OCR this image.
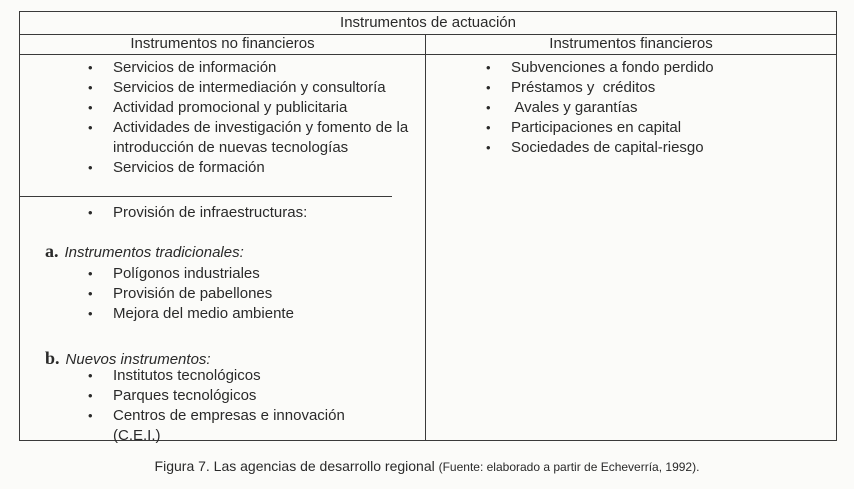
Instrumentos de actuación
Instrumentos no financieros	Instrumentos financieros
• Servicios de información
• Servicios de intermediación y consultoría
• Actividad promocional y publicitaria
• Actividades de investigación y fomento de la introducción de nuevas tecnologías
• Servicios de formación
• Provisión de infraestructuras:
a. Instrumentos tradicionales:
• Polígonos industriales
• Provisión de pabellones
• Mejora del medio ambiente
b. Nuevos instrumentos:
• Institutos tecnológicos
• Parques tecnológicos
• Centros de empresas e innovación (C.E.I.)
• Subvenciones a fondo perdido
• Préstamos y  créditos
•  Avales y garantías
• Participaciones en capital
• Sociedades de capital-riesgo
Figura 7. Las agencias de desarrollo regional (Fuente: elaborado a partir de Echeverría, 1992).
